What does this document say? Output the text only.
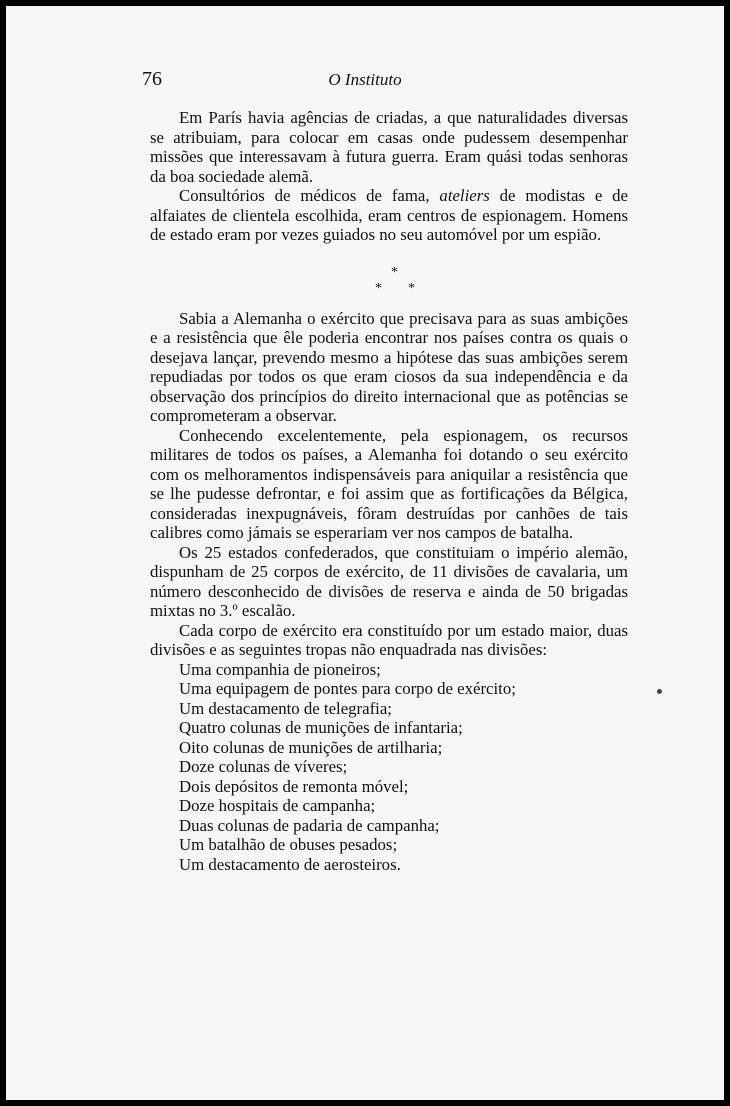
76	O Instituto

Em París havia agências de criadas, a que naturalidades diversas se atribuiam, para colocar em casas onde pudessem desempenhar missões que interessavam à futura guerra. Eram quási todas senhoras da boa sociedade alemã.

Consultórios de médicos de fama, ateliers de modistas e de alfaiates de clientela escolhida, eram centros de espionagem. Homens de estado eram por vezes guiados no seu automóvel por um espião.

*
* *

Sabia a Alemanha o exército que precisava para as suas ambições e a resistência que êle poderia encontrar nos países contra os quais o desejava lançar, prevendo mesmo a hipótese das suas ambições serem repudiadas por todos os que eram ciosos da sua independência e da observação dos princípios do direito internacional que as potências se comprometeram a observar.

Conhecendo excelentemente, pela espionagem, os recursos militares de todos os países, a Alemanha foi dotando o seu exército com os melhoramentos indispensáveis para aniquilar a resistência que se lhe pudesse defrontar, e foi assim que as fortificações da Bélgica, consideradas inexpugnáveis, fôram destruídas por canhões de tais calibres como jámais se esperariam ver nos campos de batalha.

Os 25 estados confederados, que constituiam o império alemão, dispunham de 25 corpos de exército, de 11 divisões de cavalaria, um número desconhecido de divisões de reserva e ainda de 50 brigadas mixtas no 3.º escalão.

Cada corpo de exército era constituído por um estado maior, duas divisões e as seguintes tropas não enquadrada nas divisões:

Uma companhia de pioneiros;
Uma equipagem de pontes para corpo de exército;
Um destacamento de telegrafia;
Quatro colunas de munições de infantaria;
Oito colunas de munições de artilharia;
Doze colunas de víveres;
Dois depósitos de remonta móvel;
Doze hospitais de campanha;
Duas colunas de padaria de campanha;
Um batalhão de obuses pesados;
Um destacamento de aerosteiros.
